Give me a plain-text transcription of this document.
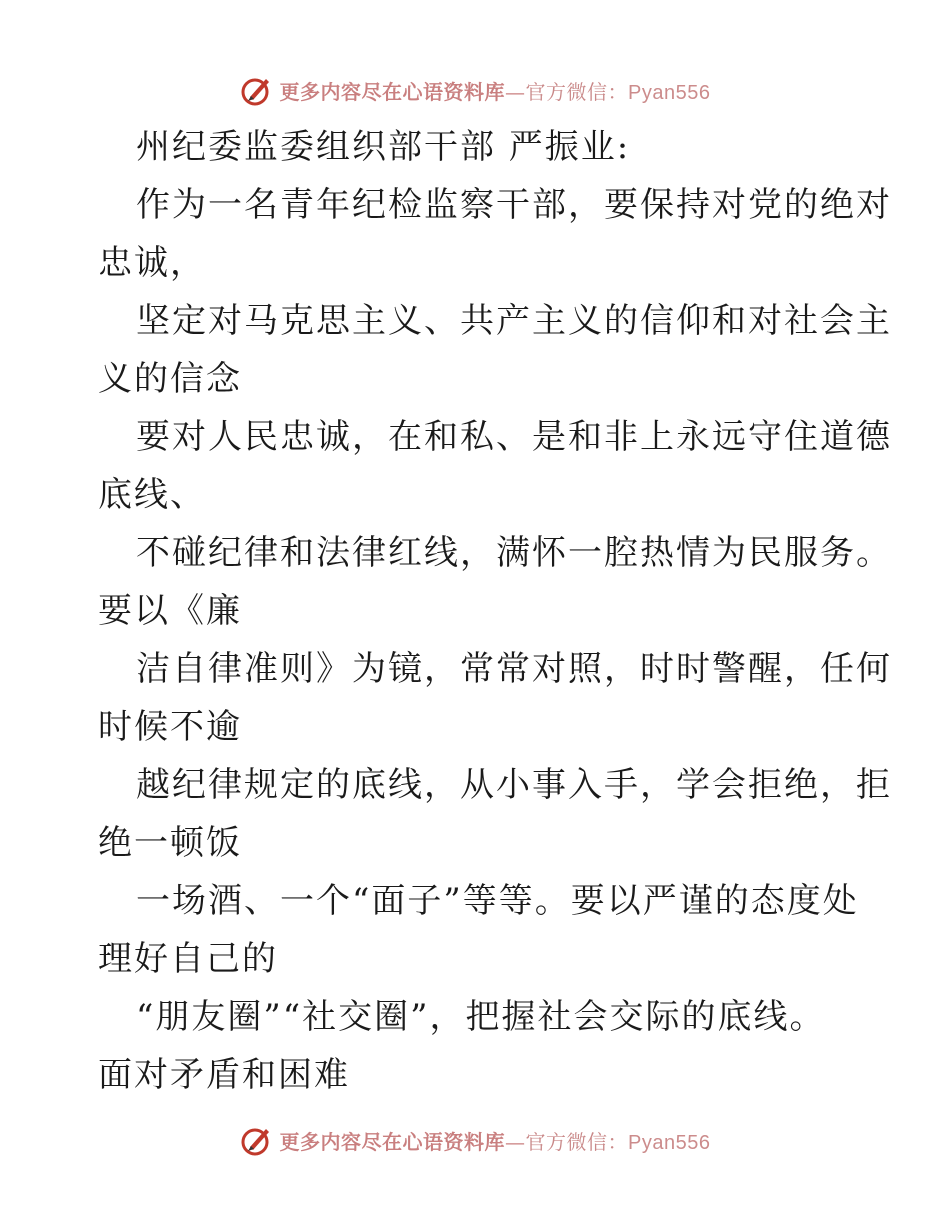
更多内容尽在心语资料库—官方微信：Pyan556
州纪委监委组织部干部 严振业:
作为一名青年纪检监察干部，要保持对党的绝对
忠诚，
坚定对马克思主义、共产主义的信仰和对社会主
义的信念
要对人民忠诚，在和私、是和非上永远守住道德
底线、
不碰纪律和法律红线，满怀一腔热情为民服务。
要以《廉
洁自律准则》为镜，常常对照，时时警醒，任何
时候不逾
越纪律规定的底线，从小事入手，学会拒绝，拒
绝一顿饭
一场酒、一个“面子”等等。要以严谨的态度处
理好自己的
“朋友圈”“社交圈”，把握社会交际的底线。
面对矛盾和困难
更多内容尽在心语资料库—官方微信：Pyan556
